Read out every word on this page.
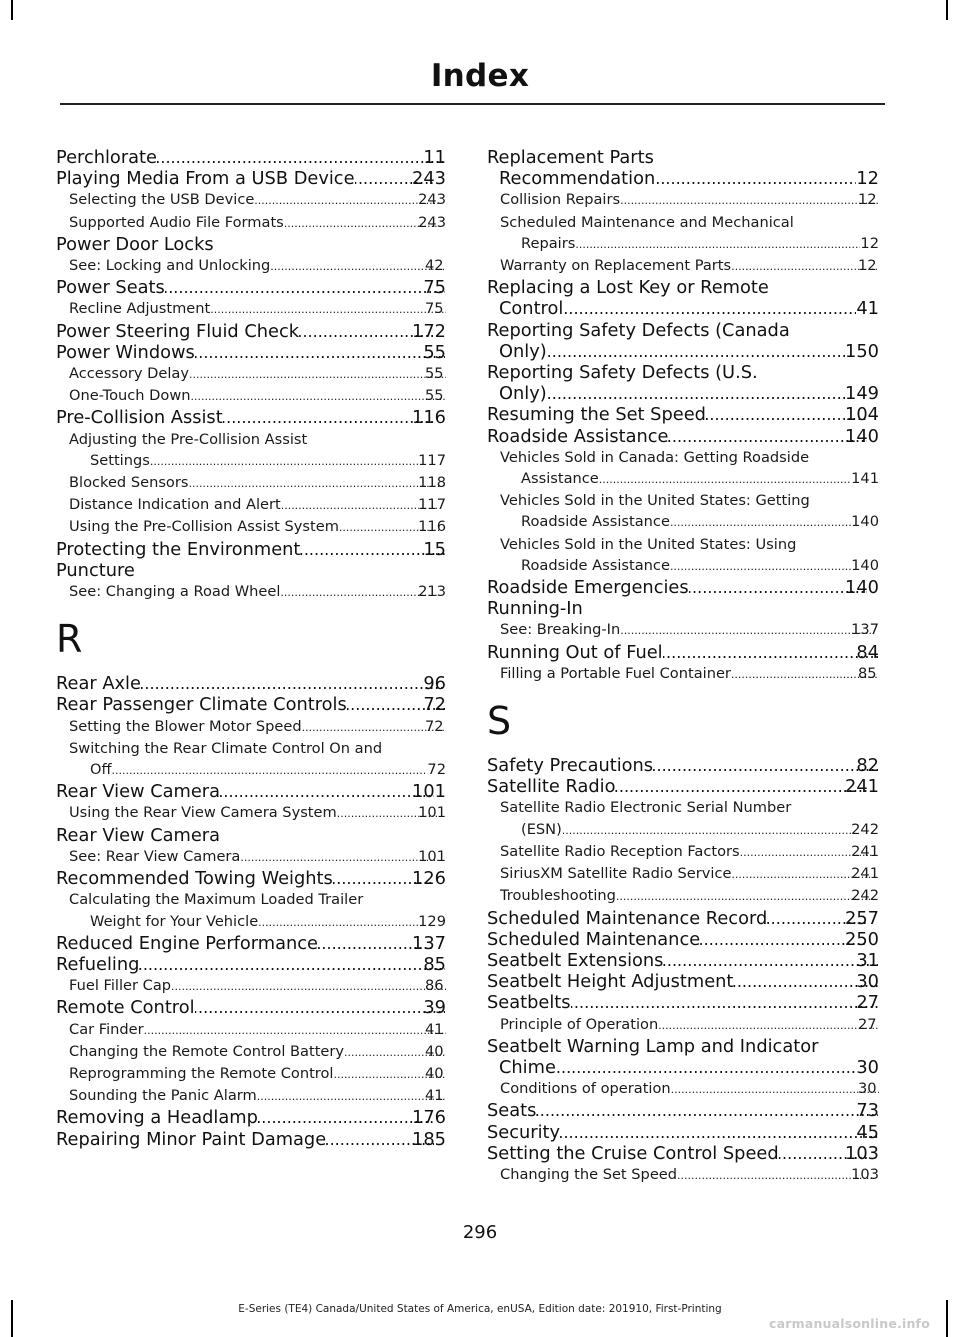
Index
Perchlorate .....	11
Playing Media From a USB Device .....	243
Selecting the USB Device .....	243
Supported Audio File Formats .....	243
Power Door Locks
See: Locking and Unlocking .....	42
Power Seats .....	75
Recline Adjustment .....	75
Power Steering Fluid Check .....	172
Power Windows .....	55
Accessory Delay .....	55
One-Touch Down .....	55
Pre-Collision Assist .....	116
Adjusting the Pre-Collision Assist
Settings .....	117
Blocked Sensors .....	118
Distance Indication and Alert .....	117
Using the Pre-Collision Assist System .....	116
Protecting the Environment .....	15
Puncture
See: Changing a Road Wheel .....	213
R
Rear Axle .....	96
Rear Passenger Climate Controls .....	72
Setting the Blower Motor Speed .....	72
Switching the Rear Climate Control On and
Off .....	72
Rear View Camera .....	101
Using the Rear View Camera System .....	101
Rear View Camera
See: Rear View Camera .....	101
Recommended Towing Weights .....	126
Calculating the Maximum Loaded Trailer
Weight for Your Vehicle .....	129
Reduced Engine Performance .....	137
Refueling .....	85
Fuel Filler Cap .....	86
Remote Control .....	39
Car Finder .....	41
Changing the Remote Control Battery .....	40
Reprogramming the Remote Control .....	40
Sounding the Panic Alarm .....	41
Removing a Headlamp .....	176
Repairing Minor Paint Damage .....	185
Replacement Parts
Recommendation .....	12
Collision Repairs .....	12
Scheduled Maintenance and Mechanical
Repairs .....	12
Warranty on Replacement Parts .....	12
Replacing a Lost Key or Remote
Control .....	41
Reporting Safety Defects (Canada
Only) .....	150
Reporting Safety Defects (U.S.
Only) .....	149
Resuming the Set Speed .....	104
Roadside Assistance .....	140
Vehicles Sold in Canada: Getting Roadside
Assistance .....	141
Vehicles Sold in the United States: Getting
Roadside Assistance .....	140
Vehicles Sold in the United States: Using
Roadside Assistance .....	140
Roadside Emergencies .....	140
Running-In
See: Breaking-In .....	137
Running Out of Fuel .....	84
Filling a Portable Fuel Container .....	85
S
Safety Precautions .....	82
Satellite Radio .....	241
Satellite Radio Electronic Serial Number
(ESN) .....	242
Satellite Radio Reception Factors .....	241
SiriusXM Satellite Radio Service .....	241
Troubleshooting .....	242
Scheduled Maintenance Record .....	257
Scheduled Maintenance .....	250
Seatbelt Extensions .....	31
Seatbelt Height Adjustment .....	30
Seatbelts .....	27
Principle of Operation .....	27
Seatbelt Warning Lamp and Indicator
Chime .....	30
Conditions of operation .....	30
Seats .....	73
Security .....	45
Setting the Cruise Control Speed .....	103
Changing the Set Speed .....	103
296
E-Series (TE4) Canada/United States of America, enUSA, Edition date: 201910, First-Printing
carmanualsonline.info
